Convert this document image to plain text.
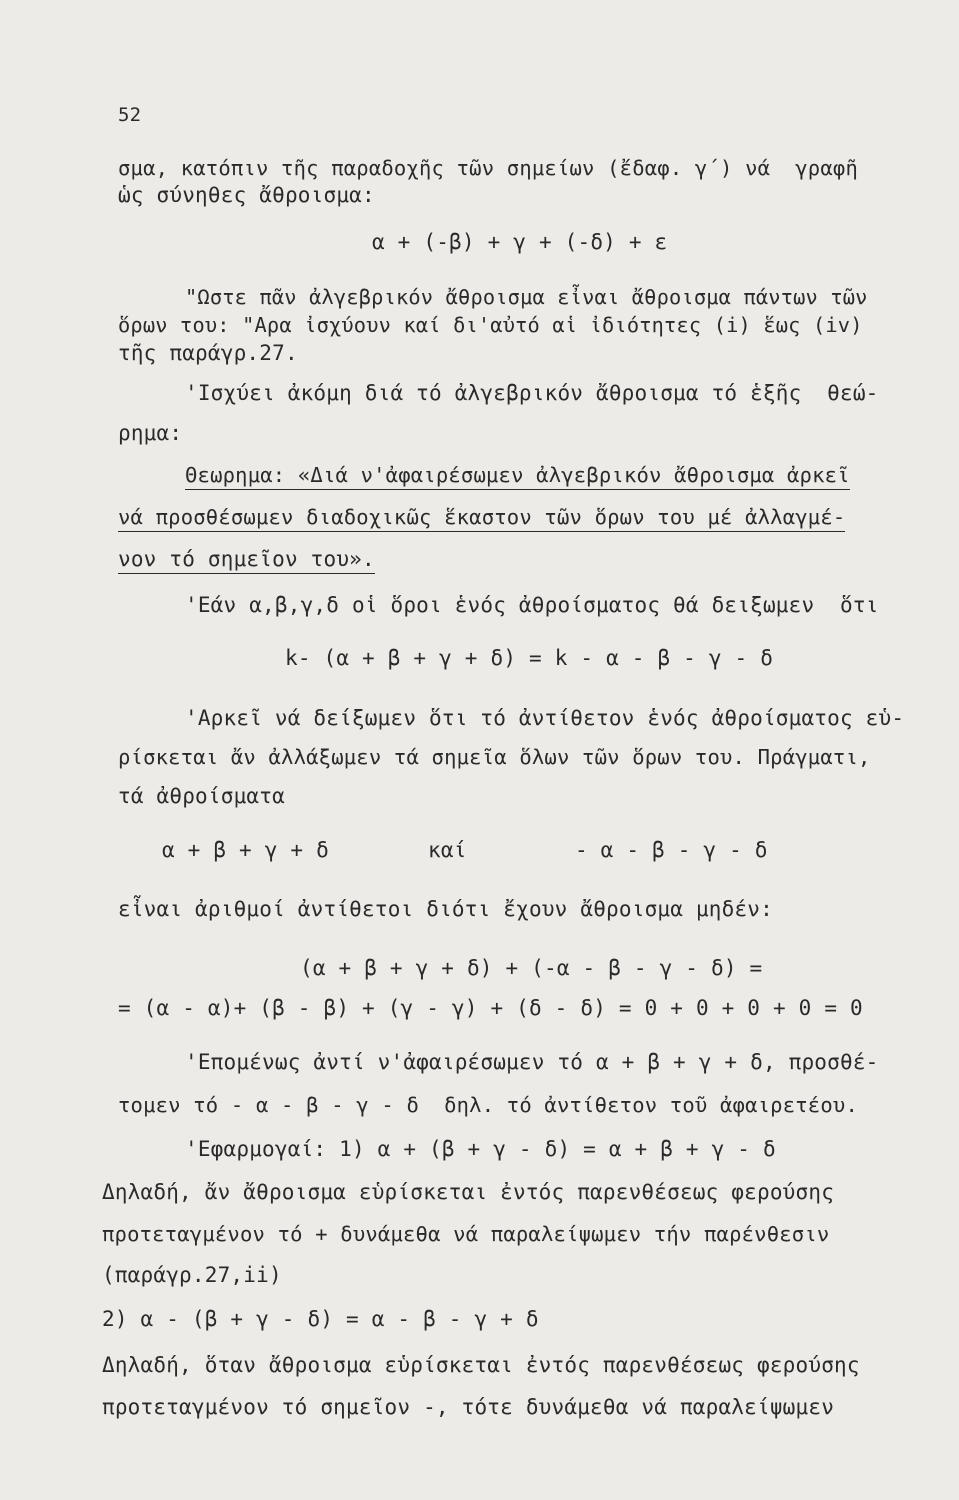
52
σμα, κατόπιν τῆς παραδοχῆς τῶν σημείων (ἔδαφ. γ΄) νά  γραφῆ
ὡς σύνηθες ἄθροισμα:
α + (-β) + γ + (-δ) + ε
"Ωστε πᾶν ἀλγεβρικόν ἄθροισμα εἶναι ἄθροισμα πάντων τῶν
ὅρων του: "Αρα ἰσχύουν καί δι'αὐτό αἱ ἰδιότητες (i) ἕως (iv)
τῆς παράγρ.27.
'Ισχύει ἀκόμη διά τό ἀλγεβρικόν ἄθροισμα τό ἑξῆς  θεώ-
ρημα:
Θεωρημα: «Διά ν'ἀφαιρέσωμεν ἀλγεβρικόν ἄθροισμα ἀρκεῖ
νά προσθέσωμεν διαδοχικῶς ἕκαστον τῶν ὅρων του μέ ἀλλαγμέ-
νον τό σημεῖον του».
'Εάν α,β,γ,δ οἱ ὅροι ἑνός ἀθροίσματος θά δειξωμεν  ὅτι
k- (α + β + γ + δ) = k - α - β - γ - δ
'Αρκεῖ νά δείξωμεν ὅτι τό ἀντίθετον ἑνός ἀθροίσματος εὑ-
ρίσκεται ἄν ἀλλάξωμεν τά σημεῖα ὅλων τῶν ὅρων του. Πράγματι,
τά ἀθροίσματα
α + β + γ + δ	καί	- α - β - γ - δ
εἶναι ἀριθμοί ἀντίθετοι διότι ἔχουν ἄθροισμα μηδέν:
(α + β + γ + δ) + (-α - β - γ - δ) =
= (α - α)+ (β - β) + (γ - γ) + (δ - δ) = 0 + 0 + 0 + 0 = 0
'Επομένως ἀντί ν'ἀφαιρέσωμεν τό α + β + γ + δ, προσθέ-
τομεν τό - α - β - γ - δ  δηλ. τό ἀντίθετον τοῦ ἀφαιρετέου.
'Εφαρμογαί: 1) α + (β + γ - δ) = α + β + γ - δ
Δηλαδή, ἄν ἄθροισμα εὑρίσκεται ἐντός παρενθέσεως φερούσης
προτεταγμένον τό + δυνάμεθα νά παραλείψωμεν τήν παρένθεσιν
(παράγρ.27,ii)
2) α - (β + γ - δ) = α - β - γ + δ
Δηλαδή, ὅταν ἄθροισμα εὑρίσκεται ἐντός παρενθέσεως φερούσης
προτεταγμένον τό σημεῖον -, τότε δυνάμεθα νά παραλείψωμεν
